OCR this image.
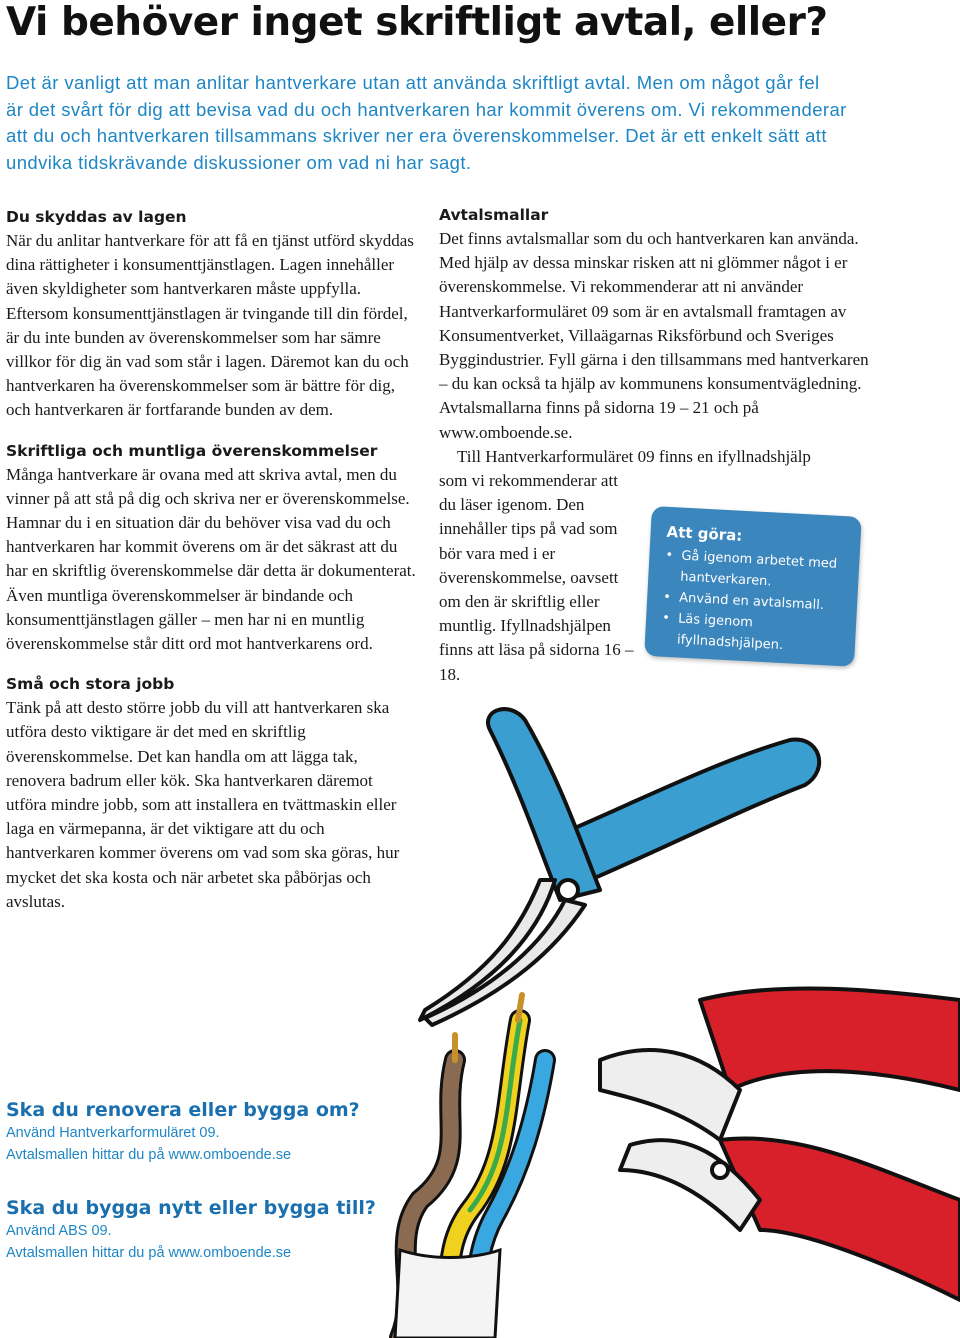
Vi behöver inget skriftligt avtal, eller?

Det är vanligt att man anlitar hantverkare utan att använda skriftligt avtal. Men om något går fel

är det svårt för dig att bevisa vad du och hantverkaren har kommit överens om. Vi rekommenderar

att du och hantverkaren tillsammans skriver ner era överenskommelser. Det är ett enkelt sätt att

undvika tidskrävande diskussioner om vad ni har sagt.

Du skyddas av lagen

När du anlitar hantverkare för att få en tjänst utförd skyddas dina rättigheter i konsumenttjänstlagen. Lagen innehåller även skyldigheter som hantverkaren måste uppfylla. Eftersom konsumenttjänstlagen är tvingande till din fördel, är du inte bunden av överenskommelser som har sämre villkor för dig än vad som står i lagen. Däremot kan du och hantverkaren ha överenskommelser som är bättre för dig, och hantverkaren är fortfarande bunden av dem.

Skriftliga och muntliga överenskommelser

Många hantverkare är ovana med att skriva avtal, men du vinner på att stå på dig och skriva ner er överenskommelse. Hamnar du i en situation där du behöver visa vad du och hantverkaren har kommit överens om är det säkrast att du har en skriftlig överenskommelse där detta är dokumenterat. Även muntliga överenskommelser är bindande och konsumenttjänstlagen gäller – men har ni en muntlig överenskommelse står ditt ord mot hantverkarens ord.

Små och stora jobb

Tänk på att desto större jobb du vill att hantverkaren ska utföra desto viktigare är det med en skriftlig överenskommelse. Det kan handla om att lägga tak, renovera badrum eller kök. Ska hantverkaren däremot utföra mindre jobb, som att installera en tvättmaskin eller laga en värmepanna, är det viktigare att du och hantverkaren kommer överens om vad som ska göras, hur mycket det ska kosta och när arbetet ska påbörjas och avslutas.

Avtalsmallar

Det finns avtalsmallar som du och hantverkaren kan använda. Med hjälp av dessa minskar risken att ni glömmer något i er överenskommelse. Vi rekommenderar att ni använder Hantverkarformuläret 09 som är en avtalsmall framtagen av Konsumentverket, Villaägarnas Riksförbund och Sveriges Byggindustrier. Fyll gärna i den tillsammans med hantverkaren – du kan också ta hjälp av kommunens konsumentvägledning. Avtalsmallarna finns på sidorna 19 – 21 och på www.omboende.se.

Till Hantverkarformuläret 09 finns en ifyllnadshjälp

som vi rekommenderar att du läser igenom. Den innehåller tips på vad som bör vara med i er överenskommelse, oavsett om den är skriftlig eller muntlig. Ifyllnadshjälpen finns att läsa på sidorna 16 – 18.

Att göra:
• Gå igenom arbetet med hantverkaren.
• Använd en avtalsmall.
• Läs igenom ifyllnadshjälpen.
Ska du renovera eller bygga om?

Använd Hantverkarformuläret 09.

Avtalsmallen hittar du på www.omboende.se

Ska du bygga nytt eller bygga till?

Använd ABS 09.

Avtalsmallen hittar du på www.omboende.se
